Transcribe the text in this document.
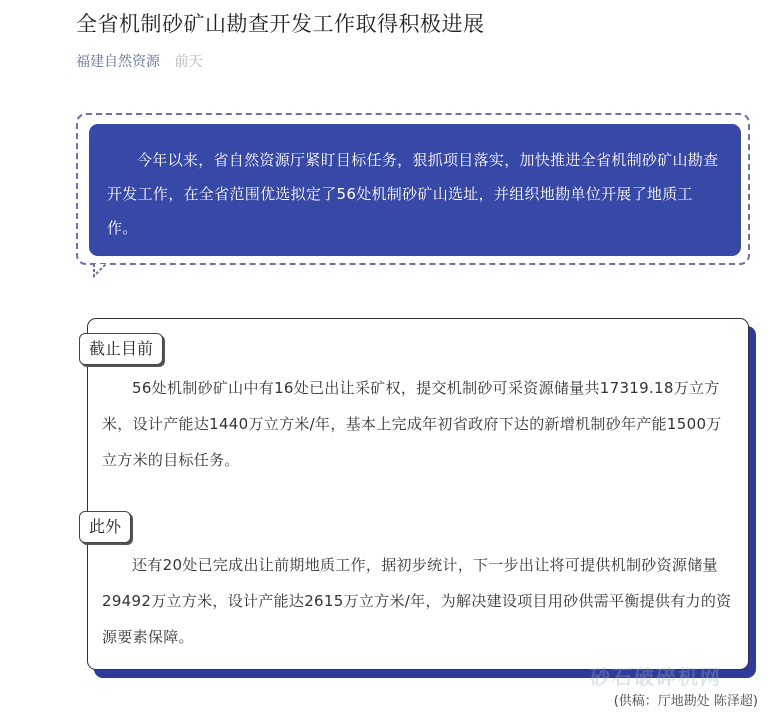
全省机制砂矿山勘查开发工作取得积极进展
福建自然资源 前天

今年以来，省自然资源厅紧盯目标任务，狠抓项目落实，加快推进全省机制砂矿山勘查开发工作，在全省范围优选拟定了56处机制砂矿山选址，并组织地勘单位开展了地质工作。

截止目前

56处机制砂矿山中有16处已出让采矿权，提交机制砂可采资源储量共17319.18万立方米，设计产能达1440万立方米/年，基本上完成年初省政府下达的新增机制砂年产能1500万立方米的目标任务。

此外

还有20处已完成出让前期地质工作，据初步统计，下一步出让将可提供机制砂资源储量29492万立方米，设计产能达2615万立方米/年，为解决建设项目用砂供需平衡提供有力的资源要素保障。

砂石破碎机网
(供稿：厅地勘处 陈泽超)
